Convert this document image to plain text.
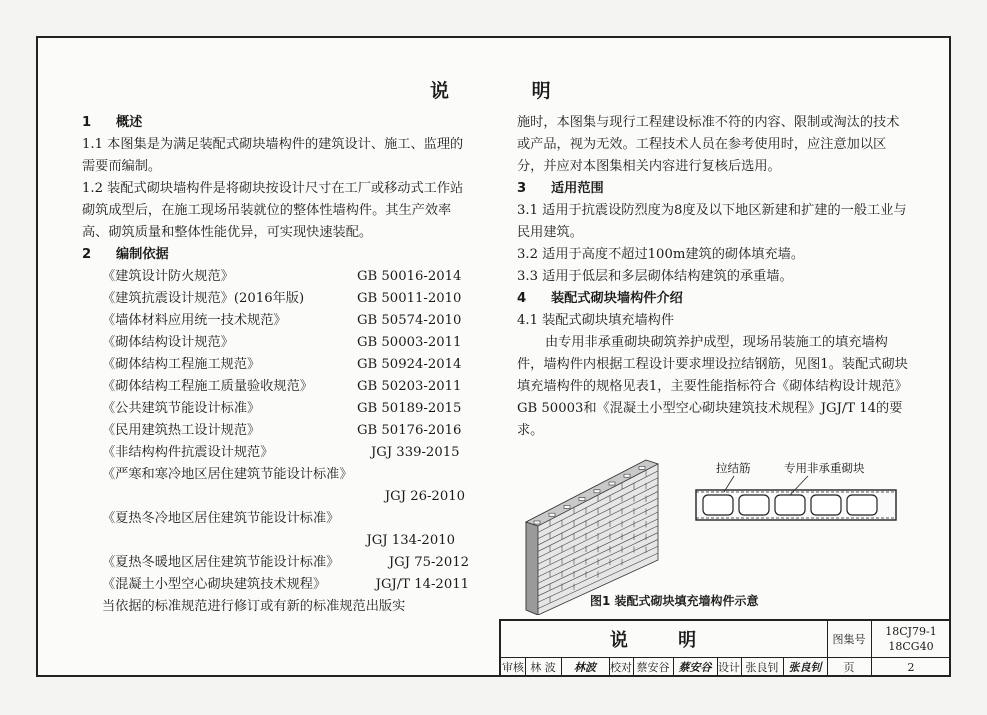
说 明

1 概述

1.1 本图集是为满足装配式砌块墙构件的建筑设计、施工、监理的需要而编制。

1.2 装配式砌块墙构件是将砌块按设计尺寸在工厂或移动式工作站砌筑成型后，在施工现场吊装就位的整体性墙构件。其生产效率高、砌筑质量和整体性能优异，可实现快速装配。

2 编制依据

《建筑设计防火规范》	GB 50016-2014
《建筑抗震设计规范》(2016年版)	GB 50011-2010
《墙体材料应用统一技术规范》	GB 50574-2010
《砌体结构设计规范》	GB 50003-2011
《砌体结构工程施工规范》	GB 50924-2014
《砌体结构工程施工质量验收规范》	GB 50203-2011
《公共建筑节能设计标准》	GB 50189-2015
《民用建筑热工设计规范》	GB 50176-2016
《非结构构件抗震设计规范》	JGJ 339-2015
《严寒和寒冷地区居住建筑节能设计标准》
JGJ 26-2010
《夏热冬冷地区居住建筑节能设计标准》
JGJ 134-2010
《夏热冬暖地区居住建筑节能设计标准》	JGJ 75-2012
《混凝土小型空心砌块建筑技术规程》	JGJ/T 14-2011

当依据的标准规范进行修订或有新的标准规范出版实

施时，本图集与现行工程建设标准不符的内容、限制或淘汰的技术或产品，视为无效。工程技术人员在参考使用时，应注意加以区分，并应对本图集相关内容进行复核后选用。

3 适用范围

3.1 适用于抗震设防烈度为8度及以下地区新建和扩建的一般工业与民用建筑。

3.2 适用于高度不超过100m建筑的砌体填充墙。

3.3 适用于低层和多层砌体结构建筑的承重墙。

4 装配式砌块墙构件介绍

4.1 装配式砌块填充墙构件

由专用非承重砌块砌筑养护成型，现场吊装施工的填充墙构件，墙构件内根据工程设计要求埋设拉结钢筋，见图1。装配式砌块填充墙构件的规格见表1，主要性能指标符合《砌体结构设计规范》GB 50003和《混凝土小型空心砌块建筑技术规程》JGJ/T 14的要求。

拉结筋	专用非承重砌块
图1 装配式砌块填充墙构件示意
说 明	图集号
18CJ79-1
18CG40
审核 林 波	林波	校对 蔡安谷 蔡安谷 设计 张良钊 张良钊	页	2
